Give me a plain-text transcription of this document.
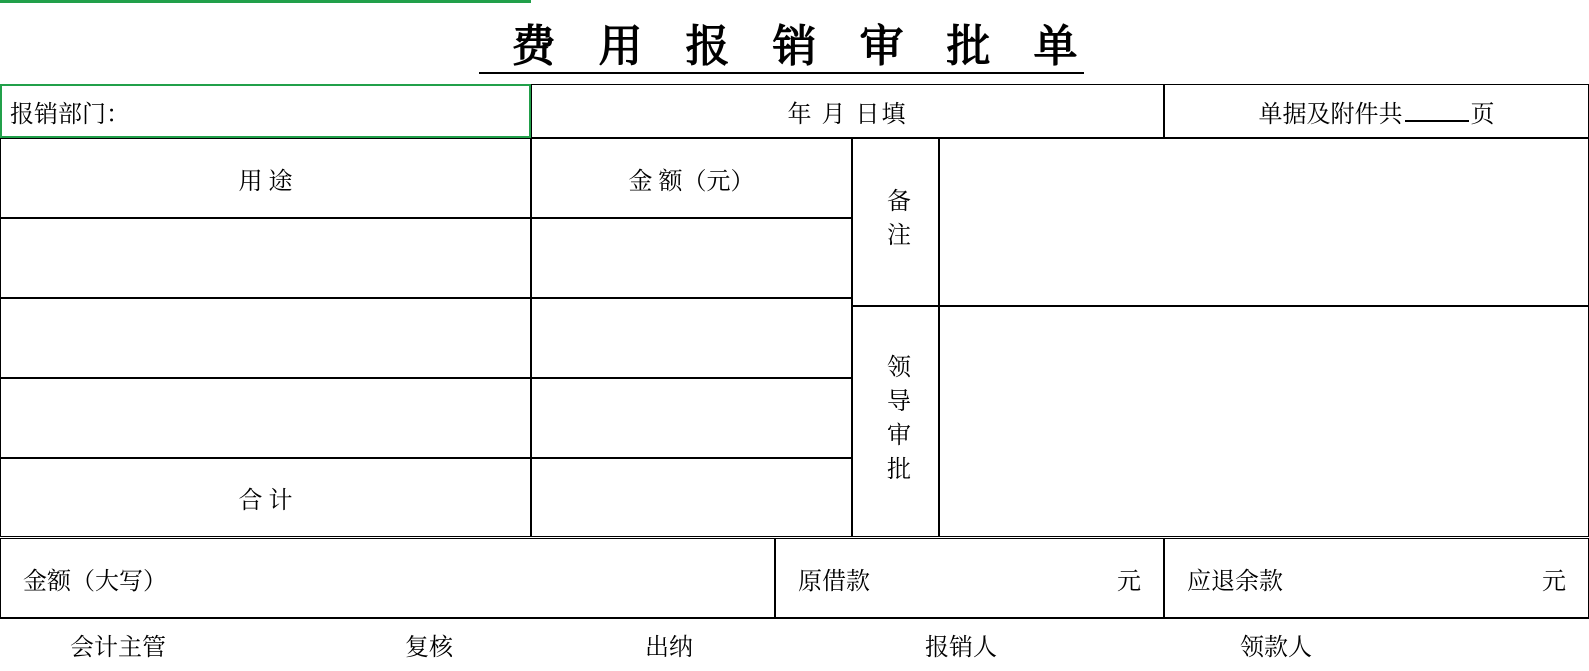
费 用 报 销 审 批 单
报销部门：	年 月 日填	单据及附件共	页
用 途	金 额（元）
备注
领导审批
合 计
金额（大写）	原借款	元 应退余款	元
会计主管	复核	出纳	报销人	领款人
